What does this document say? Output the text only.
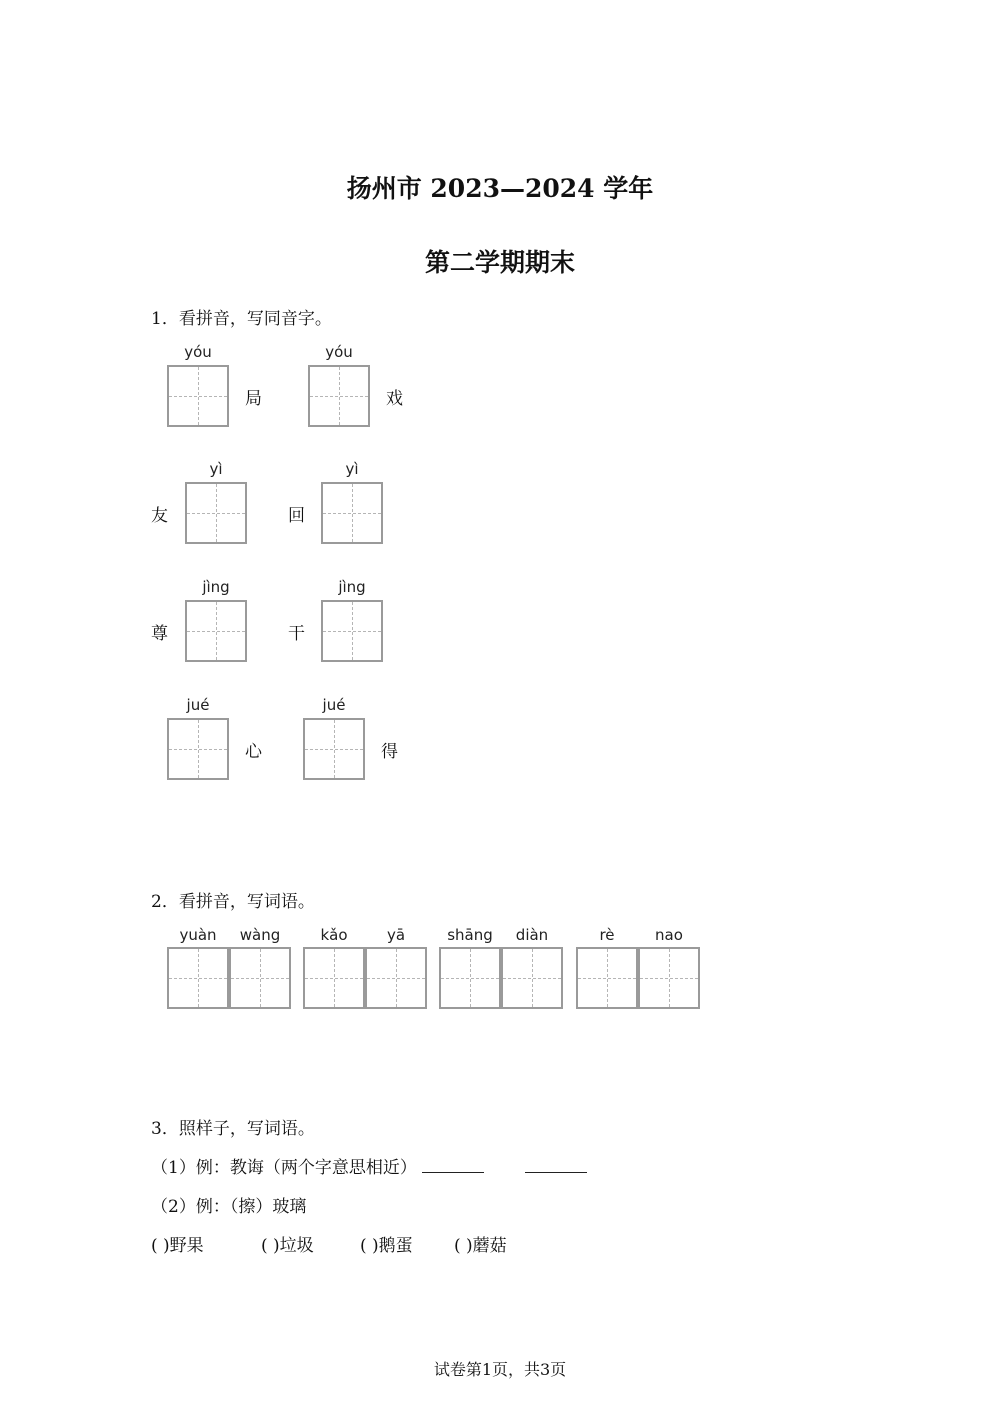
扬州市 2023—2024 学年
第二学期期末
1．看拼音，写同音字。
yóu
局
yóu
戏
友
yì
回
yì
尊
jìng
干
jìng
jué
心
jué
得
2．看拼音，写词语。
yuàn	wàng	kǎo	yā	shāng	diàn	rè	nao
3．照样子，写词语。
（1）例：教诲（两个字意思相近）
（2）例：（擦）玻璃
( )野果	( )垃圾	( )鹅蛋 ( )蘑菇
试卷第1页，共3页
